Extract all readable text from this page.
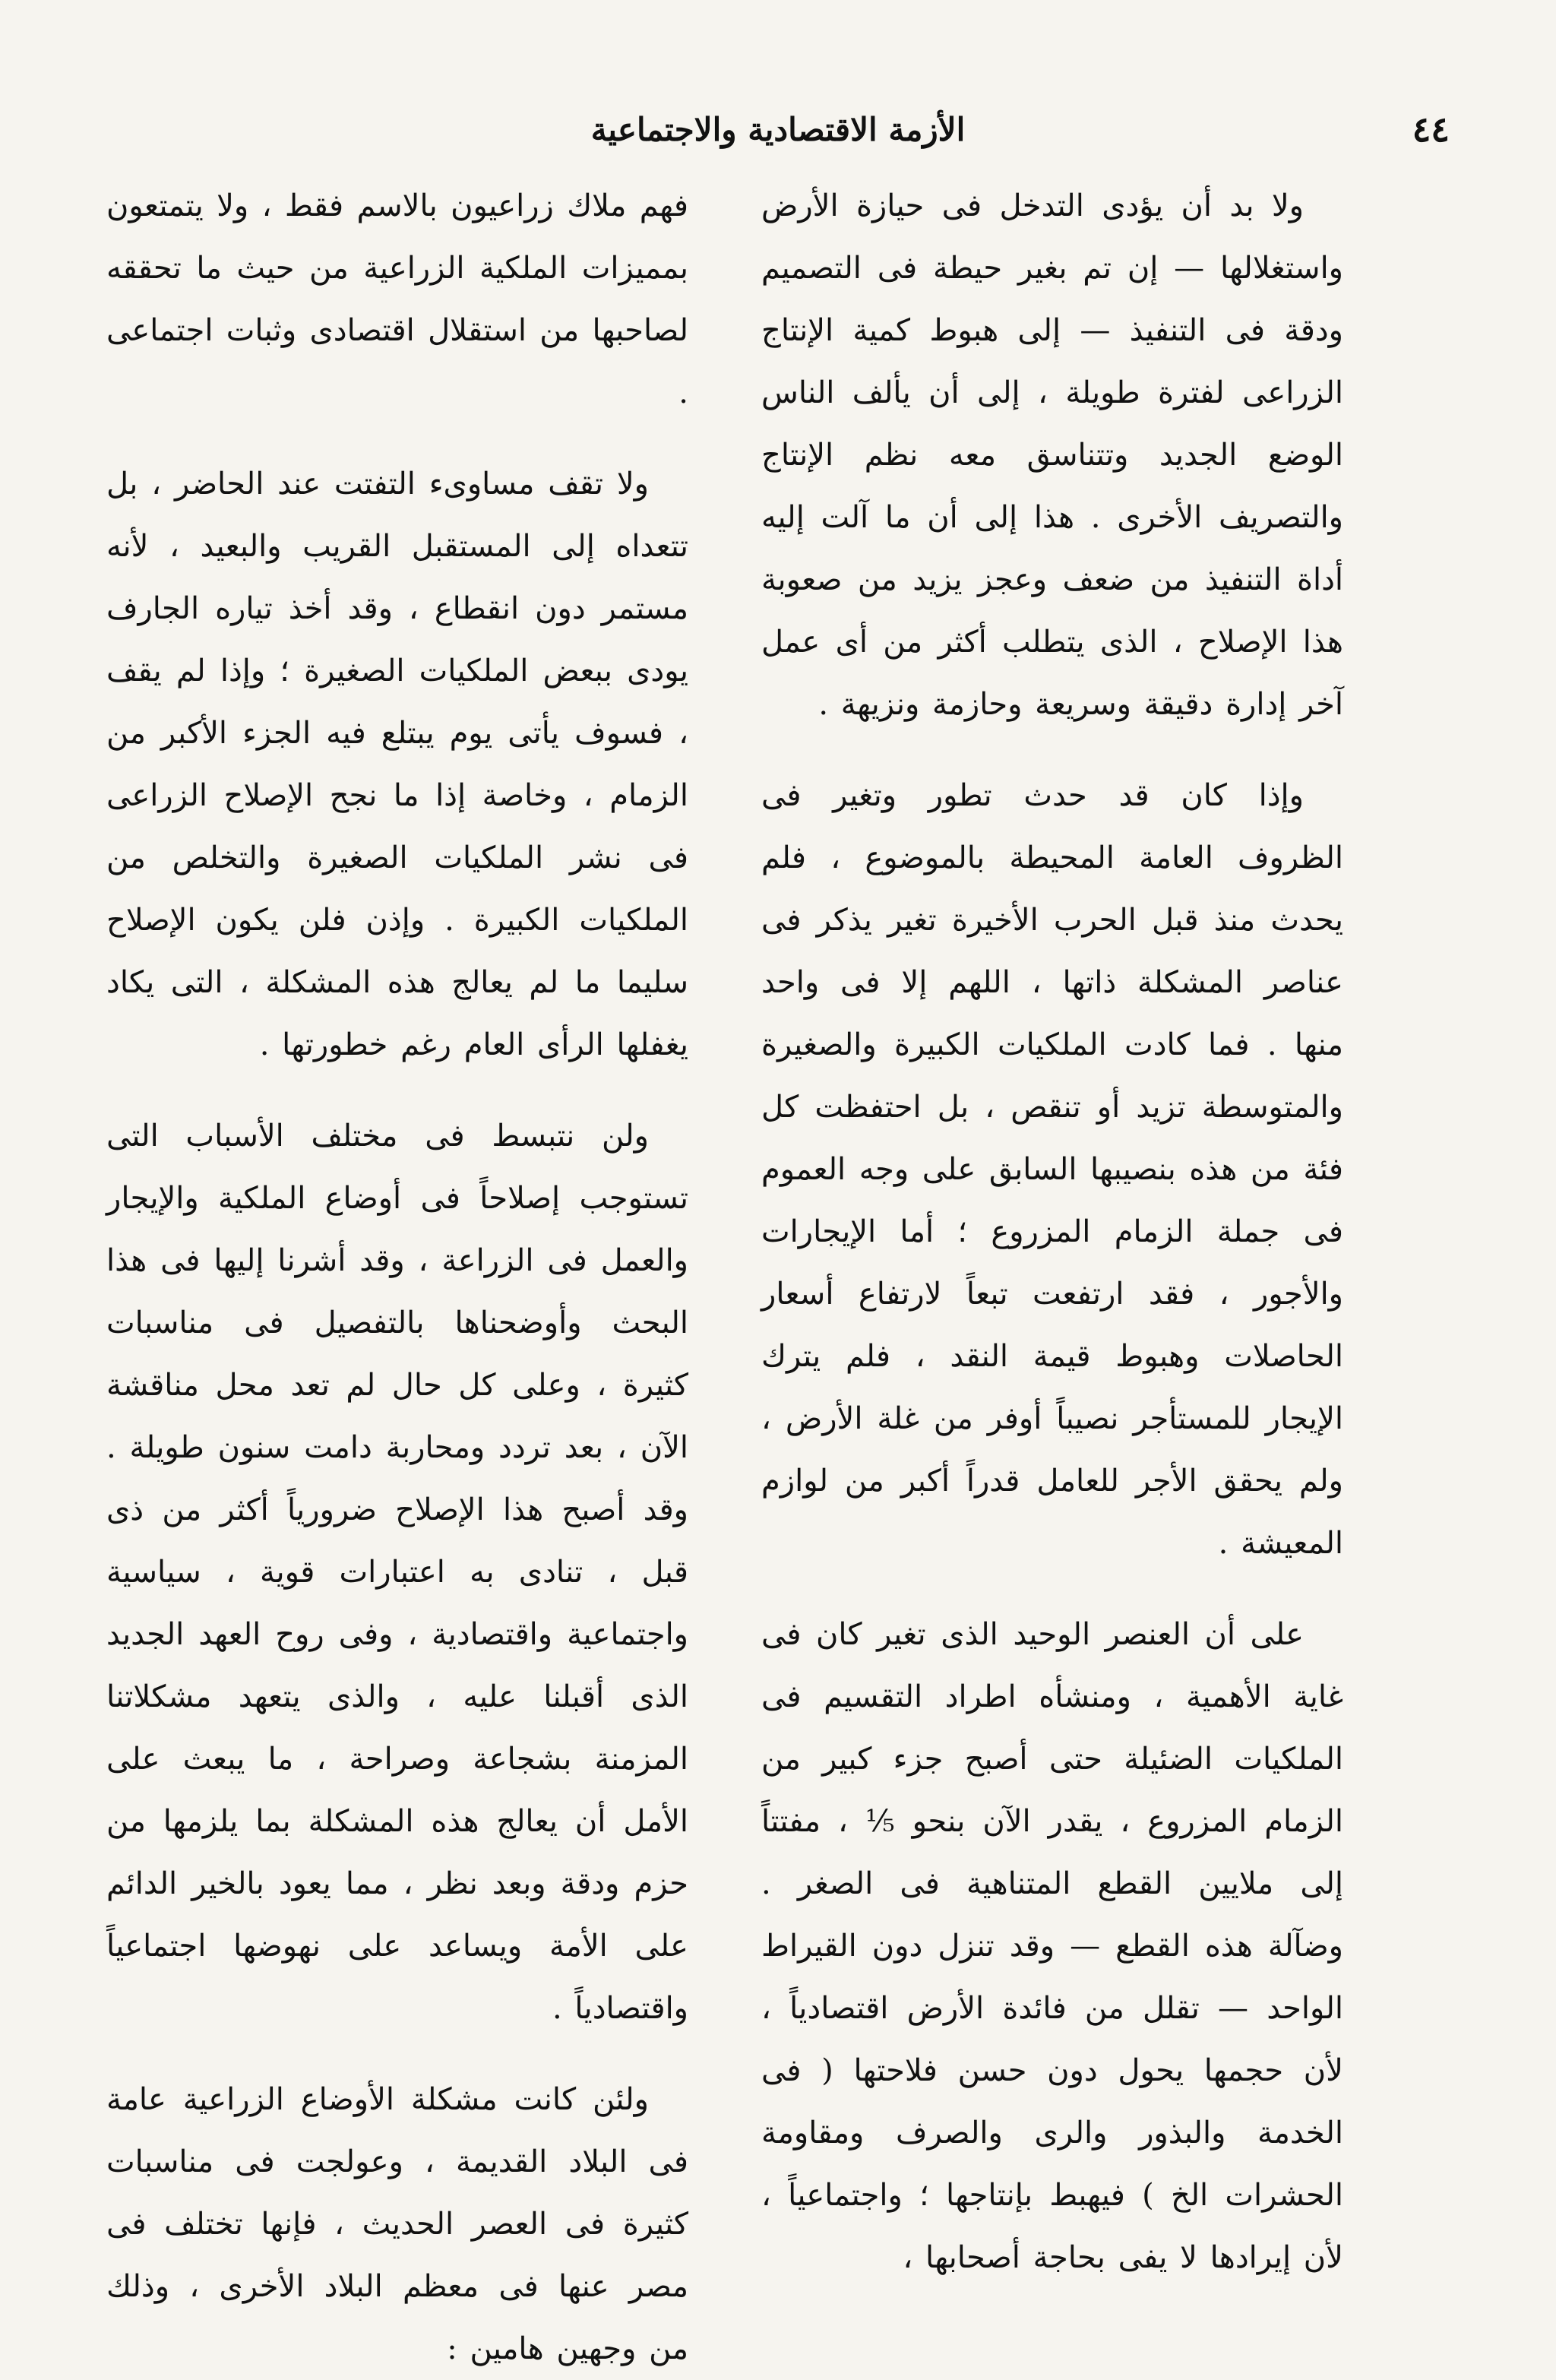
٤٤
الأزمة الاقتصادية والاجتماعية

ولا بد أن يؤدى التدخل فى حيازة الأرض واستغلالها — إن تم بغير حيطة فى التصميم ودقة فى التنفيذ — إلى هبوط كمية الإنتاج الزراعى لفترة طويلة ، إلى أن يألف الناس الوضع الجديد وتتناسق معه نظم الإنتاج والتصريف الأخرى . هذا إلى أن ما آلت إليه أداة التنفيذ من ضعف وعجز يزيد من صعوبة هذا الإصلاح ، الذى يتطلب أكثر من أى عمل آخر إدارة دقيقة وسريعة وحازمة ونزيهة .

وإذا كان قد حدث تطور وتغير فى الظروف العامة المحيطة بالموضوع ، فلم يحدث منذ قبل الحرب الأخيرة تغير يذكر فى عناصر المشكلة ذاتها ، اللهم إلا فى واحد منها . فما كادت الملكيات الكبيرة والصغيرة والمتوسطة تزيد أو تنقص ، بل احتفظت كل فئة من هذه بنصيبها السابق على وجه العموم فى جملة الزمام المزروع ؛ أما الإيجارات والأجور ، فقد ارتفعت تبعاً لارتفاع أسعار الحاصلات وهبوط قيمة النقد ، فلم يترك الإيجار للمستأجر نصيباً أوفر من غلة الأرض ، ولم يحقق الأجر للعامل قدراً أكبر من لوازم المعيشة .

على أن العنصر الوحيد الذى تغير كان فى غاية الأهمية ، ومنشأه اطراد التقسيم فى الملكيات الضئيلة حتى أصبح جزء كبير من الزمام المزروع ، يقدر الآن بنحو ⅕ ، مفتتاً إلى ملايين القطع المتناهية فى الصغر . وضآلة هذه القطع — وقد تنزل دون القيراط الواحد — تقلل من فائدة الأرض اقتصادياً ، لأن حجمها يحول دون حسن فلاحتها ( فى الخدمة والبذور والرى والصرف ومقاومة الحشرات الخ ) فيهبط بإنتاجها ؛ واجتماعياً ، لأن إيرادها لا يفى بحاجة أصحابها ،

فهم ملاك زراعيون بالاسم فقط ، ولا يتمتعون بمميزات الملكية الزراعية من حيث ما تحققه لصاحبها من استقلال اقتصادى وثبات اجتماعى .

ولا تقف مساوىء التفتت عند الحاضر ، بل تتعداه إلى المستقبل القريب والبعيد ، لأنه مستمر دون انقطاع ، وقد أخذ تياره الجارف يودى ببعض الملكيات الصغيرة ؛ وإذا لم يقف ، فسوف يأتى يوم يبتلع فيه الجزء الأكبر من الزمام ، وخاصة إذا ما نجح الإصلاح الزراعى فى نشر الملكيات الصغيرة والتخلص من الملكيات الكبيرة . وإذن فلن يكون الإصلاح سليما ما لم يعالج هذه المشكلة ، التى يكاد يغفلها الرأى العام رغم خطورتها .

ولن نتبسط فى مختلف الأسباب التى تستوجب إصلاحاً فى أوضاع الملكية والإيجار والعمل فى الزراعة ، وقد أشرنا إليها فى هذا البحث وأوضحناها بالتفصيل فى مناسبات كثيرة ، وعلى كل حال لم تعد محل مناقشة الآن ، بعد تردد ومحاربة دامت سنون طويلة . وقد أصبح هذا الإصلاح ضرورياً أكثر من ذى قبل ، تنادى به اعتبارات قوية ، سياسية واجتماعية واقتصادية ، وفى روح العهد الجديد الذى أقبلنا عليه ، والذى يتعهد مشكلاتنا المزمنة بشجاعة وصراحة ، ما يبعث على الأمل أن يعالج هذه المشكلة بما يلزمها من حزم ودقة وبعد نظر ، مما يعود بالخير الدائم على الأمة ويساعد على نهوضها اجتماعياً واقتصادياً .

ولئن كانت مشكلة الأوضاع الزراعية عامة فى البلاد القديمة ، وعولجت فى مناسبات كثيرة فى العصر الحديث ، فإنها تختلف فى مصر عنها فى معظم البلاد الأخرى ، وذلك من وجهين هامين :
